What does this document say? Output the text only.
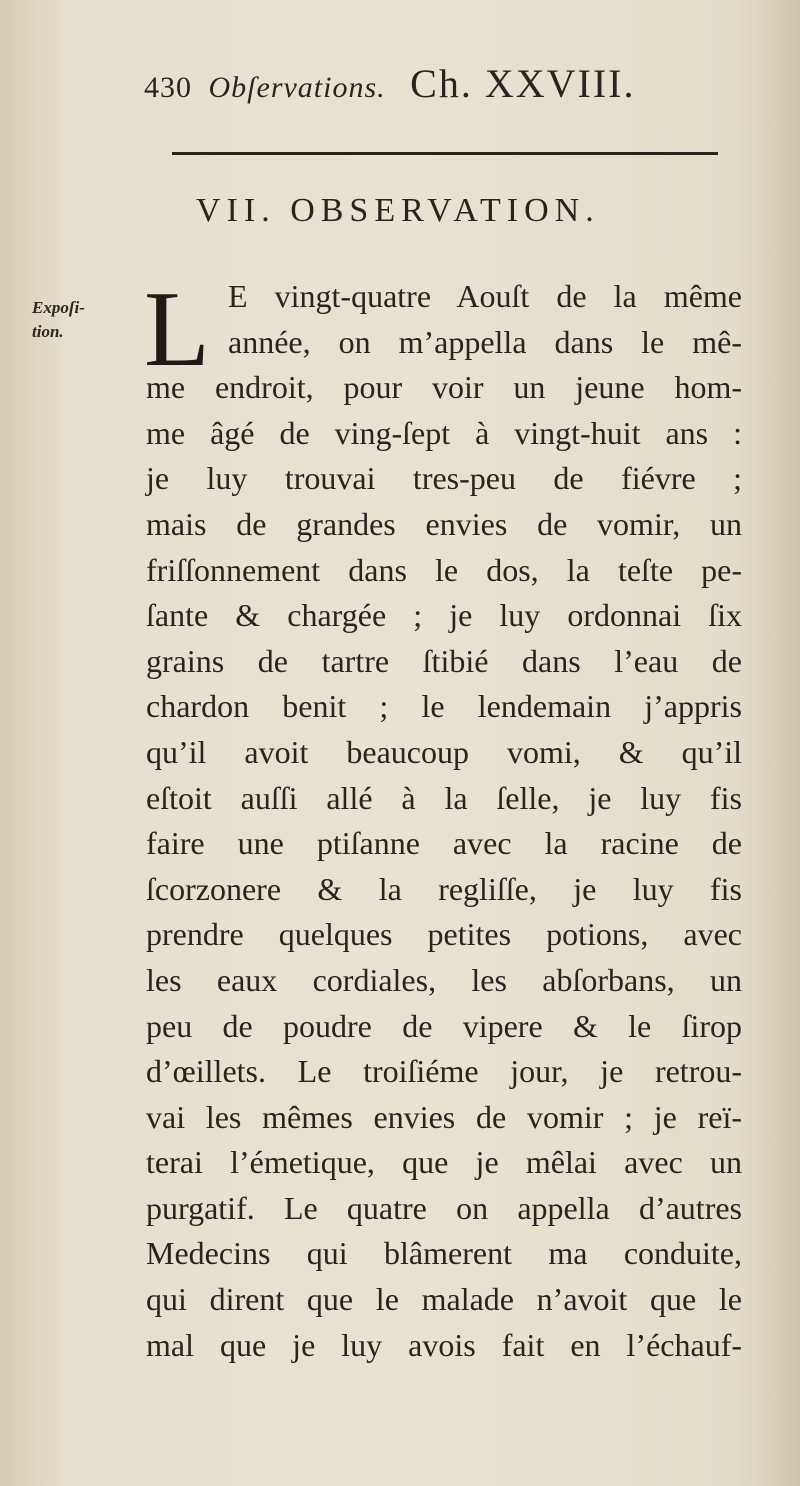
430 Obſervations. Ch. XXVIII.
VII. OBSERVATION.
Expoſi-
tion. L E vingt-quatre Aouſt de la même
année, on m’appella dans le mê-
me endroit, pour voir un jeune hom-
me âgé de ving-ſept à vingt-huit ans :
je luy trouvai tres-peu de fiévre ;
mais de grandes envies de vomir, un
friſſonnement dans le dos, la teſte pe-
ſante & chargée ; je luy ordonnai ſix
grains de tartre ſtibié dans l’eau de
chardon benit ; le lendemain j’appris
qu’il avoit beaucoup vomi, & qu’il
eſtoit auſſi allé à la ſelle, je luy fis
faire une ptiſanne avec la racine de
ſcorzonere & la regliſſe, je luy fis
prendre quelques petites potions, avec
les eaux cordiales, les abſorbans, un
peu de poudre de vipere & le ſirop
d’œillets. Le troiſiéme jour, je retrou-
vai les mêmes envies de vomir ; je reï-
terai l’émetique, que je mêlai avec un
purgatif. Le quatre on appella d’autres
Medecins qui blâmerent ma conduite,
qui dirent que le malade n’avoit que le
mal que je luy avois fait en l’échauf-
